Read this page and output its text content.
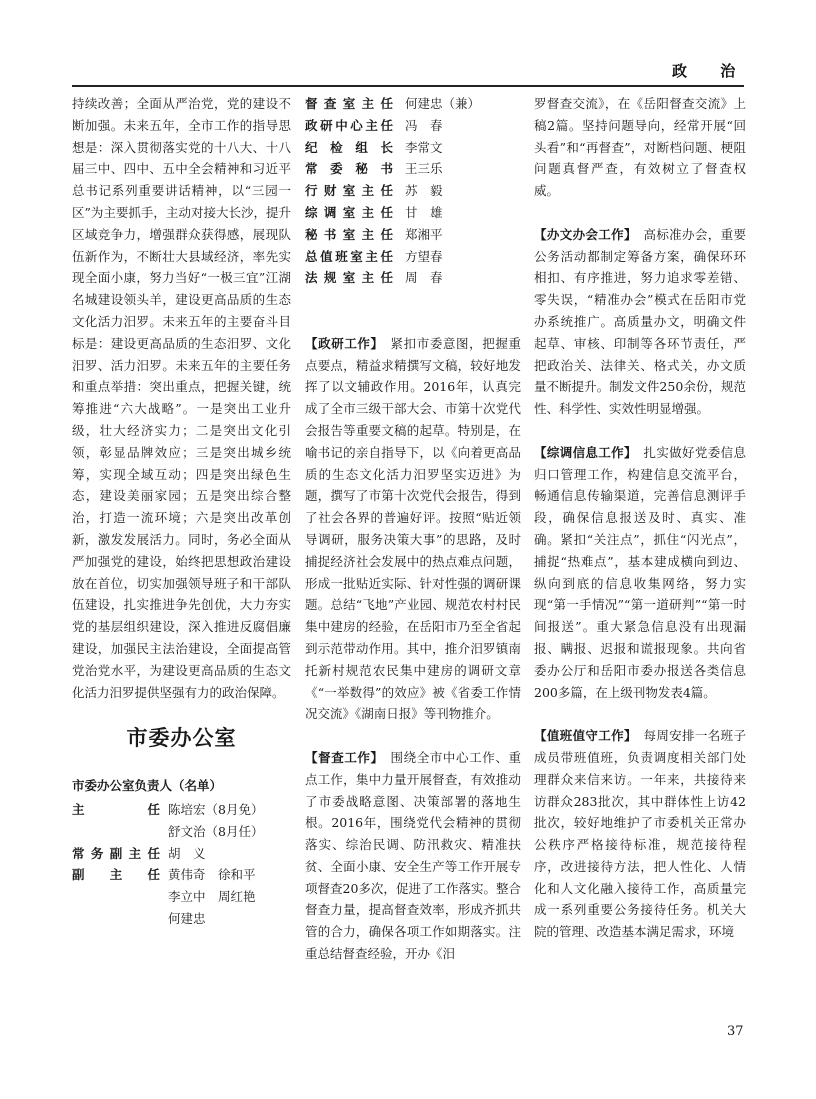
政 治

持续改善；全面从严治党，党的建设不断加强。未来五年，全市工作的指导思想是：深入贯彻落实党的十八大、十八届三中、四中、五中全会精神和习近平总书记系列重要讲话精神，以“三园一区”为主要抓手，主动对接大长沙，提升区域竞争力，增强群众获得感，展现队伍新作为，不断壮大县域经济，率先实现全面小康，努力当好“一极三宜”江湖名城建设领头羊，建设更高品质的生态文化活力汨罗。未来五年的主要奋斗目标是：建设更高品质的生态汨罗、文化汨罗、活力汨罗。未来五年的主要任务和重点举措：突出重点，把握关键，统筹推进“六大战略”。一是突出工业升级，壮大经济实力；二是突出文化引领，彰显品牌效应；三是突出城乡统筹，实现全域互动；四是突出绿色生态，建设美丽家园；五是突出综合整治，打造一流环境；六是突出改革创新，激发发展活力。同时，务必全面从严加强党的建设，始终把思想政治建设放在首位，切实加强领导班子和干部队伍建设，扎实推进争先创优，大力夯实党的基层组织建设，深入推进反腐倡廉建设，加强民主法治建设，全面提高管党治党水平，为建设更高品质的生态文化活力汨罗提供坚强有力的政治保障。

市委办公室
市委办公室负责人（名单）
主　　任 陈培宏（8月免）
舒文治（8月任）
常务副主任 胡　义
副　主　任 黄伟奇　徐和平
李立中　周红艳
何建忠
督查室主任 何建忠（兼）
政研中心主任 冯　春
纪检组长 李常文
常委秘书 王三乐
行财室主任 苏　毅
综调室主任 甘　雄
秘书室主任 郑湘平
总值班室主任 方望春
法规室主任 周　春

【政研工作】　 紧扣市委意图，把握重点要点，精益求精撰写文稿，较好地发挥了以文辅政作用。2016年，认真完成了全市三级干部大会、市第十次党代会报告等重要文稿的起草。特别是，在喻书记的亲自指导下，以《向着更高品质的生态文化活力汨罗坚实迈进》为题，撰写了市第十次党代会报告，得到了社会各界的普遍好评。按照“贴近领导调研，服务决策大事”的思路，及时捕捉经济社会发展中的热点难点问题，形成一批贴近实际、针对性强的调研课题。总结“飞地”产业园、规范农村村民集中建房的经验，在岳阳市乃至全省起到示范带动作用。其中，推介汨罗镇南托新村规范农民集中建房的调研文章《“一举数得”的效应》被《省委工作情况交流》《湖南日报》等刊物推介。

【督查工作】　 围绕全市中心工作、重点工作，集中力量开展督查，有效推动了市委战略意图、决策部署的落地生根。2016年，围绕党代会精神的贯彻落实、综治民调、防汛救灾、精准扶贫、全面小康、安全生产等工作开展专项督查20多次，促进了工作落实。整合督查力量，提高督查效率，形成齐抓共管的合力，确保各项工作如期落实。注重总结督查经验，开办《汨

罗督查交流》，在《岳阳督查交流》上稿2篇。坚持问题导向，经常开展“回头看”和“再督查”，对断档问题、梗阻问题真督严查，有效树立了督查权威。

【办文办会工作】　 高标准办会，重要公务活动都制定筹备方案，确保环环相扣、有序推进，努力追求零差错、零失误，“精准办会”模式在岳阳市党办系统推广。高质量办文，明确文件起草、审核、印制等各环节责任，严把政治关、法律关、格式关，办文质量不断提升。制发文件250余份，规范性、科学性、实效性明显增强。

【综调信息工作】　 扎实做好党委信息归口管理工作，构建信息交流平台，畅通信息传输渠道，完善信息测评手段，确保信息报送及时、真实、准确。紧扣“关注点”，抓住“闪光点”，捕捉“热难点”，基本建成横向到边、纵向到底的信息收集网络，努力实现“第一手情况”“第一道研判”“第一时间报送”。重大紧急信息没有出现漏报、瞒报、迟报和谎报现象。共向省委办公厅和岳阳市委办报送各类信息200多篇，在上级刊物发表4篇。

【值班值守工作】　 每周安排一名班子成员带班值班，负责调度相关部门处理群众来信来访。一年来，共接待来访群众283批次，其中群体性上访42批次，较好地维护了市委机关正常办公秩序严格接待标准，规范接待程序，改进接待方法，把人性化、人情化和人文化融入接待工作，高质量完成一系列重要公务接待任务。机关大院的管理、改造基本满足需求，环境

37
